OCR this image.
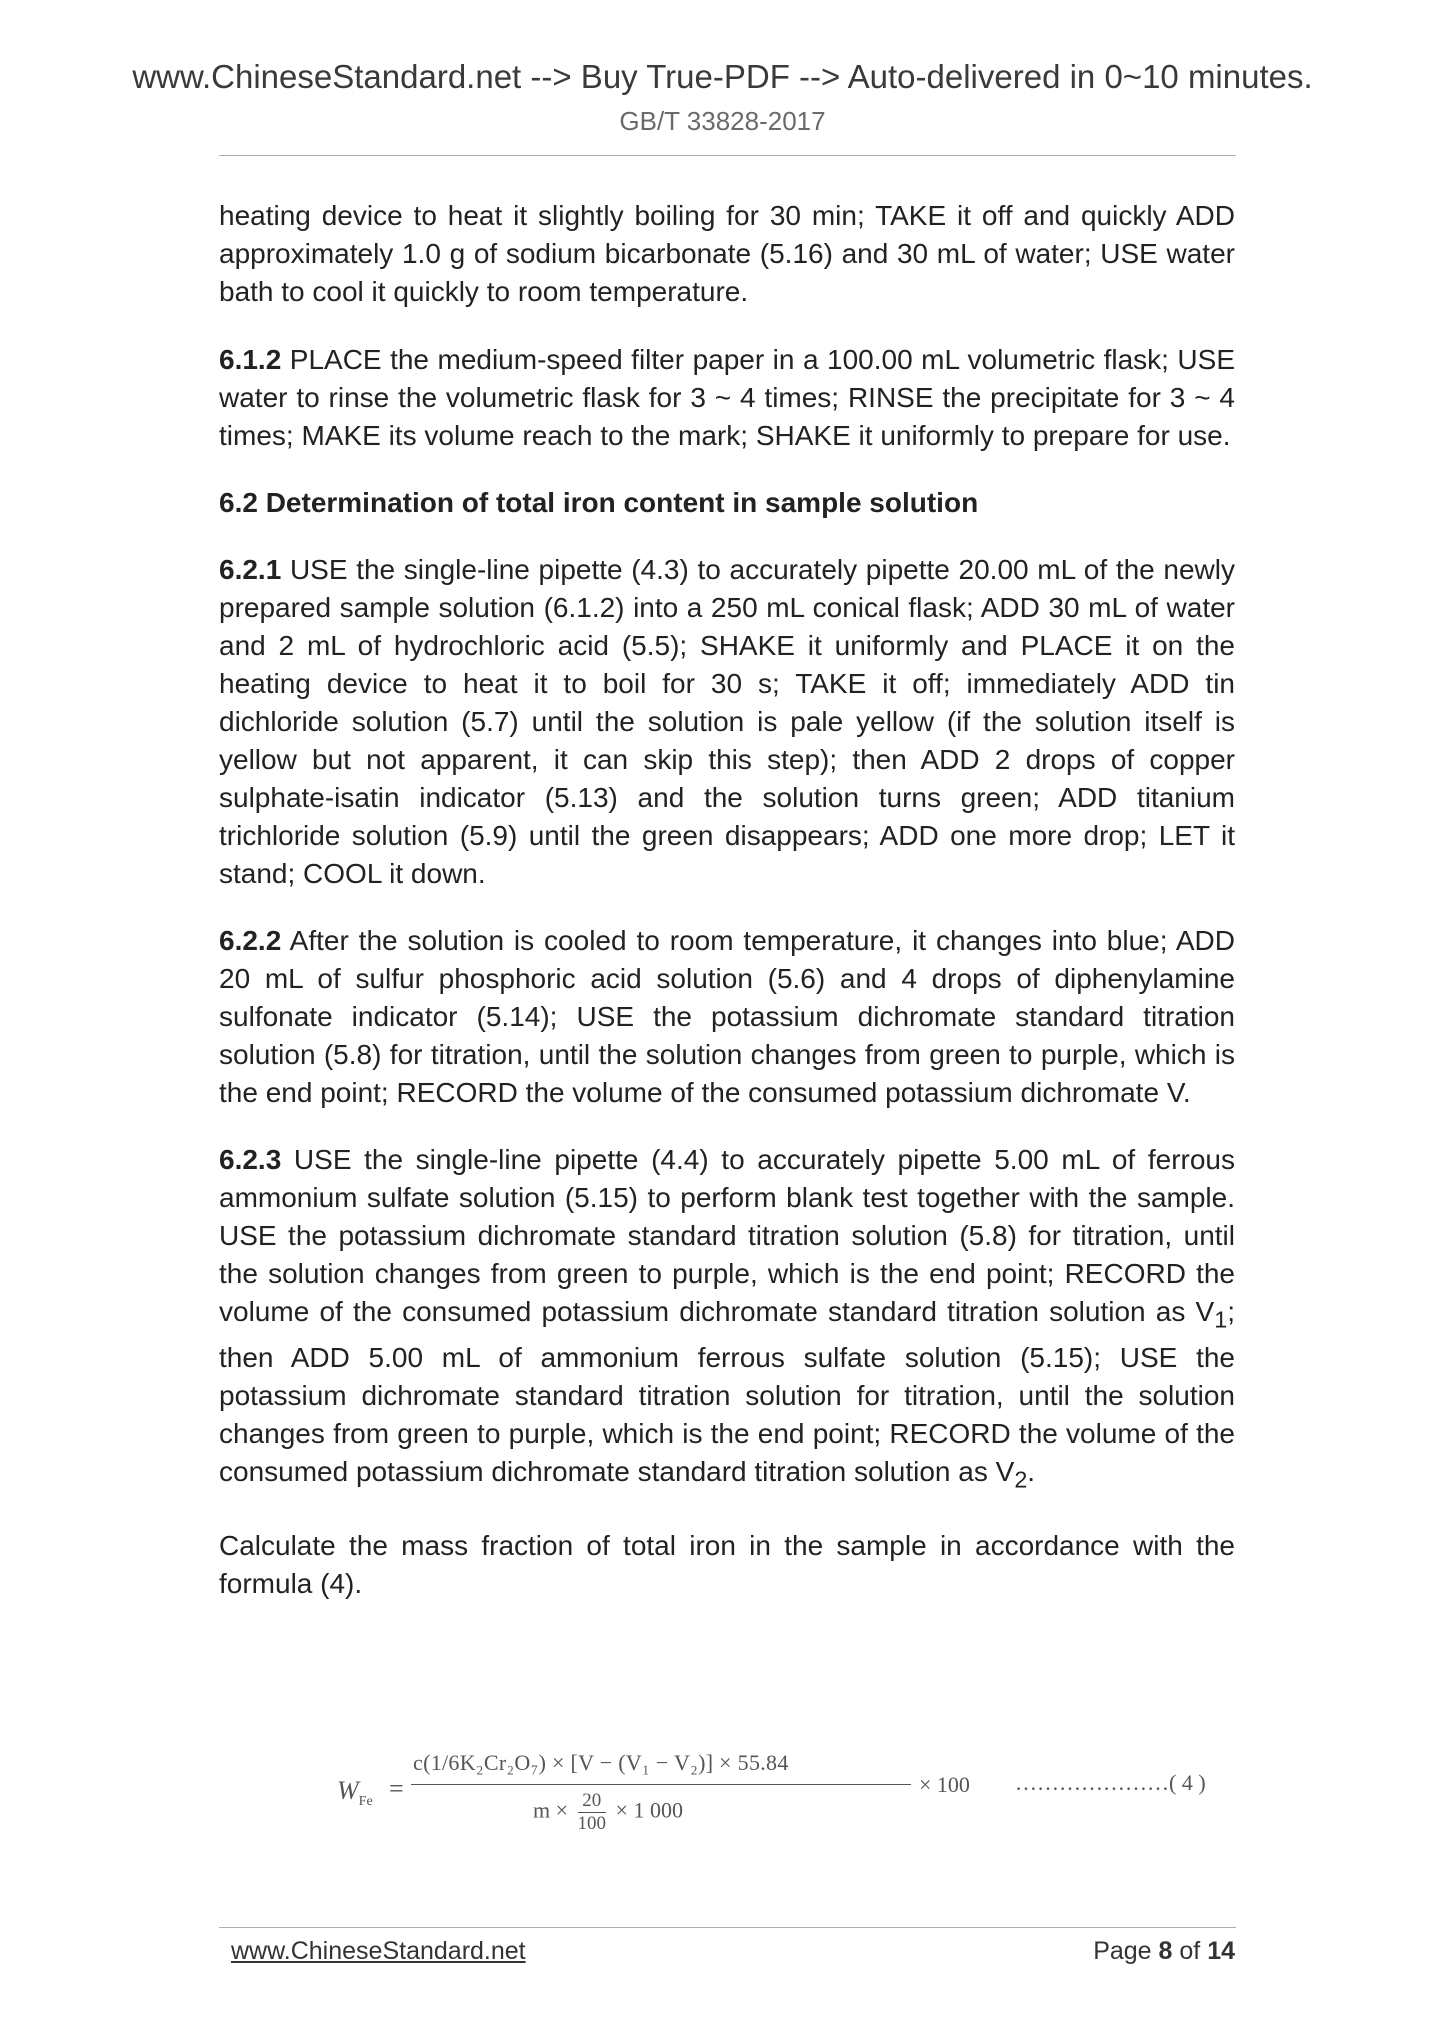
www.ChineseStandard.net --> Buy True-PDF --> Auto-delivered in 0~10 minutes.
GB/T 33828-2017

heating device to heat it slightly boiling for 30 min; TAKE it off and quickly ADD approximately 1.0 g of sodium bicarbonate (5.16) and 30 mL of water; USE water bath to cool it quickly to room temperature.

6.1.2 PLACE the medium-speed filter paper in a 100.00 mL volumetric flask; USE water to rinse the volumetric flask for 3 ~ 4 times; RINSE the precipitate for 3 ~ 4 times; MAKE its volume reach to the mark; SHAKE it uniformly to prepare for use.

6.2 Determination of total iron content in sample solution

6.2.1 USE the single-line pipette (4.3) to accurately pipette 20.00 mL of the newly prepared sample solution (6.1.2) into a 250 mL conical flask; ADD 30 mL of water and 2 mL of hydrochloric acid (5.5); SHAKE it uniformly and PLACE it on the heating device to heat it to boil for 30 s; TAKE it off; immediately ADD tin dichloride solution (5.7) until the solution is pale yellow (if the solution itself is yellow but not apparent, it can skip this step); then ADD 2 drops of copper sulphate-isatin indicator (5.13) and the solution turns green; ADD titanium trichloride solution (5.9) until the green disappears; ADD one more drop; LET it stand; COOL it down.

6.2.2 After the solution is cooled to room temperature, it changes into blue; ADD 20 mL of sulfur phosphoric acid solution (5.6) and 4 drops of diphenylamine sulfonate indicator (5.14); USE the potassium dichromate standard titration solution (5.8) for titration, until the solution changes from green to purple, which is the end point; RECORD the volume of the consumed potassium dichromate V.

6.2.3 USE the single-line pipette (4.4) to accurately pipette 5.00 mL of ferrous ammonium sulfate solution (5.15) to perform blank test together with the sample. USE the potassium dichromate standard titration solution (5.8) for titration, until the solution changes from green to purple, which is the end point; RECORD the volume of the consumed potassium dichromate standard titration solution as $V_1$; then ADD 5.00 mL of ammonium ferrous sulfate solution (5.15); USE the potassium dichromate standard titration solution for titration, until the solution changes from green to purple, which is the end point; RECORD the volume of the consumed potassium dichromate standard titration solution as $V_2$.

Calculate the mass fraction of total iron in the sample in accordance with the formula (4).

$W_{Fe}$ =
c(1/6K₂Cr₂O₇) × [V − (V₁ − V₂)] × 55.84
$m \times \frac{20}{100} \times 1$ 000
× 100 …………………( 4 )
www.ChineseStandard.net	Page 8 of 14
